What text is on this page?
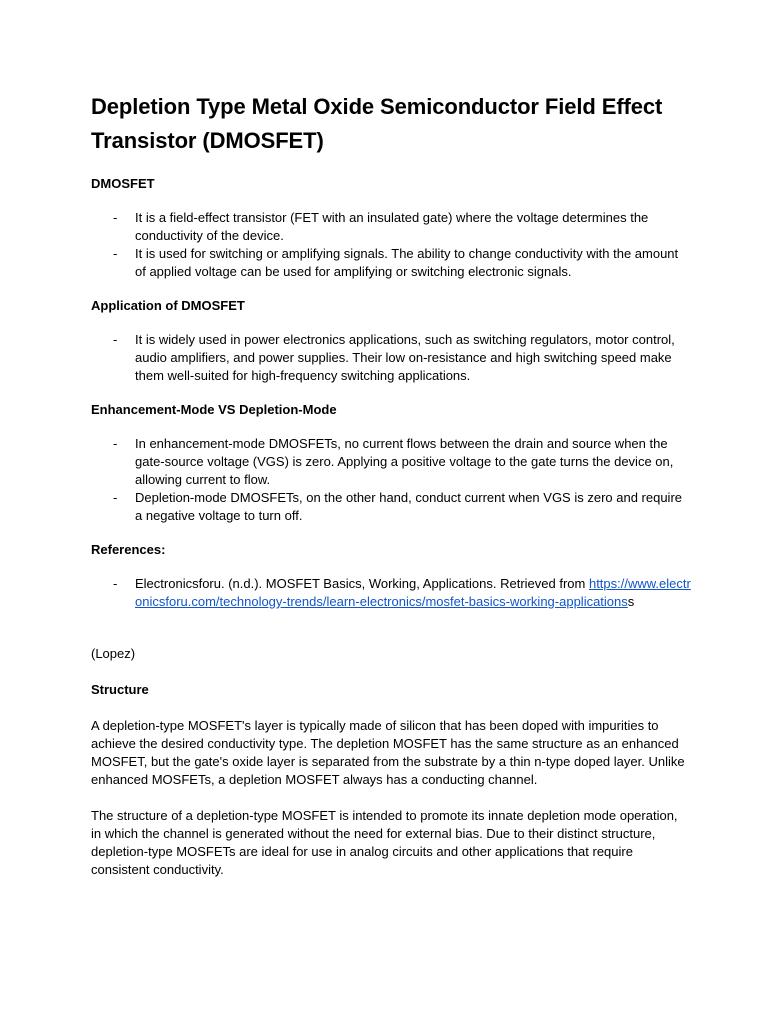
Depletion Type Metal Oxide Semiconductor Field Effect Transistor (DMOSFET)

DMOSFET

- It is a field-effect transistor (FET with an insulated gate) where the voltage determines the conductivity of the device.
- It is used for switching or amplifying signals. The ability to change conductivity with the amount of applied voltage can be used for amplifying or switching electronic signals.

Application of DMOSFET

- It is widely used in power electronics applications, such as switching regulators, motor control, audio amplifiers, and power supplies. Their low on-resistance and high switching speed make them well-suited for high-frequency switching applications.

Enhancement-Mode VS Depletion-Mode

- In enhancement-mode DMOSFETs, no current flows between the drain and source when the gate-source voltage (VGS) is zero. Applying a positive voltage to the gate turns the device on, allowing current to flow.
- Depletion-mode DMOSFETs, on the other hand, conduct current when VGS is zero and require a negative voltage to turn off.

References:

- Electronicsforu. (n.d.). MOSFET Basics, Working, Applications. Retrieved from https://www.electronicsforu.com/technology-trends/learn-electronics/mosfet-basics-working-applicationss

(Lopez)

Structure

A depletion-type MOSFET's layer is typically made of silicon that has been doped with impurities to achieve the desired conductivity type. The depletion MOSFET has the same structure as an enhanced MOSFET, but the gate's oxide layer is separated from the substrate by a thin n-type doped layer. Unlike enhanced MOSFETs, a depletion MOSFET always has a conducting channel.

The structure of a depletion-type MOSFET is intended to promote its innate depletion mode operation, in which the channel is generated without the need for external bias. Due to their distinct structure, depletion-type MOSFETs are ideal for use in analog circuits and other applications that require consistent conductivity.
